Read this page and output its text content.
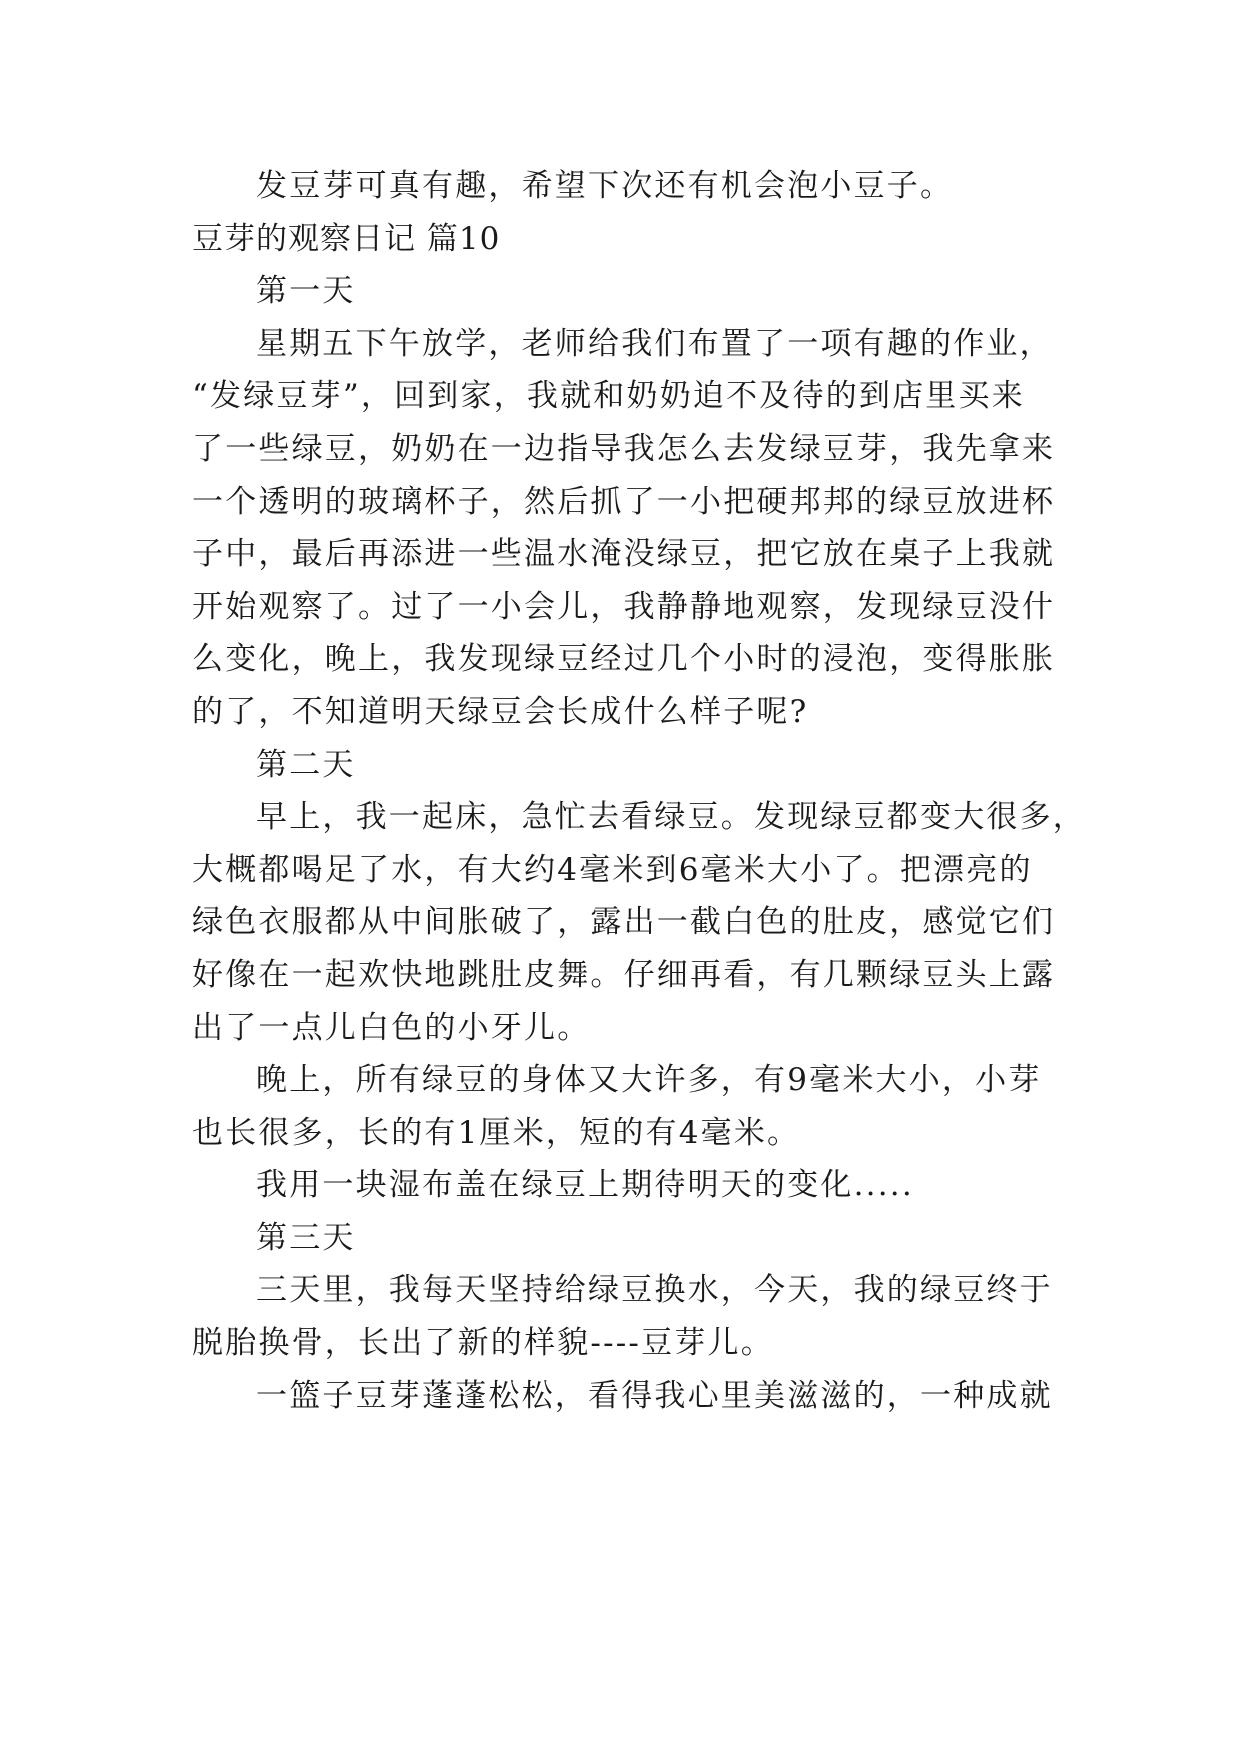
发豆芽可真有趣，希望下次还有机会泡小豆子。
豆芽的观察日记 篇10
第一天
星期五下午放学，老师给我们布置了一项有趣的作业，
“发绿豆芽”，回到家，我就和奶奶迫不及待的到店里买来
了一些绿豆，奶奶在一边指导我怎么去发绿豆芽，我先拿来
一个透明的玻璃杯子，然后抓了一小把硬邦邦的绿豆放进杯
子中，最后再添进一些温水淹没绿豆，把它放在桌子上我就
开始观察了。过了一小会儿，我静静地观察，发现绿豆没什
么变化，晚上，我发现绿豆经过几个小时的浸泡，变得胀胀
的了，不知道明天绿豆会长成什么样子呢?
第二天
早上，我一起床，急忙去看绿豆。发现绿豆都变大很多，
大概都喝足了水，有大约4毫米到6毫米大小了。把漂亮的
绿色衣服都从中间胀破了，露出一截白色的肚皮，感觉它们
好像在一起欢快地跳肚皮舞。仔细再看，有几颗绿豆头上露
出了一点儿白色的小牙儿。
晚上，所有绿豆的身体又大许多，有9毫米大小，小芽
也长很多，长的有1厘米，短的有4毫米。
我用一块湿布盖在绿豆上期待明天的变化.....
第三天
三天里，我每天坚持给绿豆换水，今天，我的绿豆终于
脱胎换骨，长出了新的样貌----豆芽儿。
一篮子豆芽蓬蓬松松，看得我心里美滋滋的，一种成就
